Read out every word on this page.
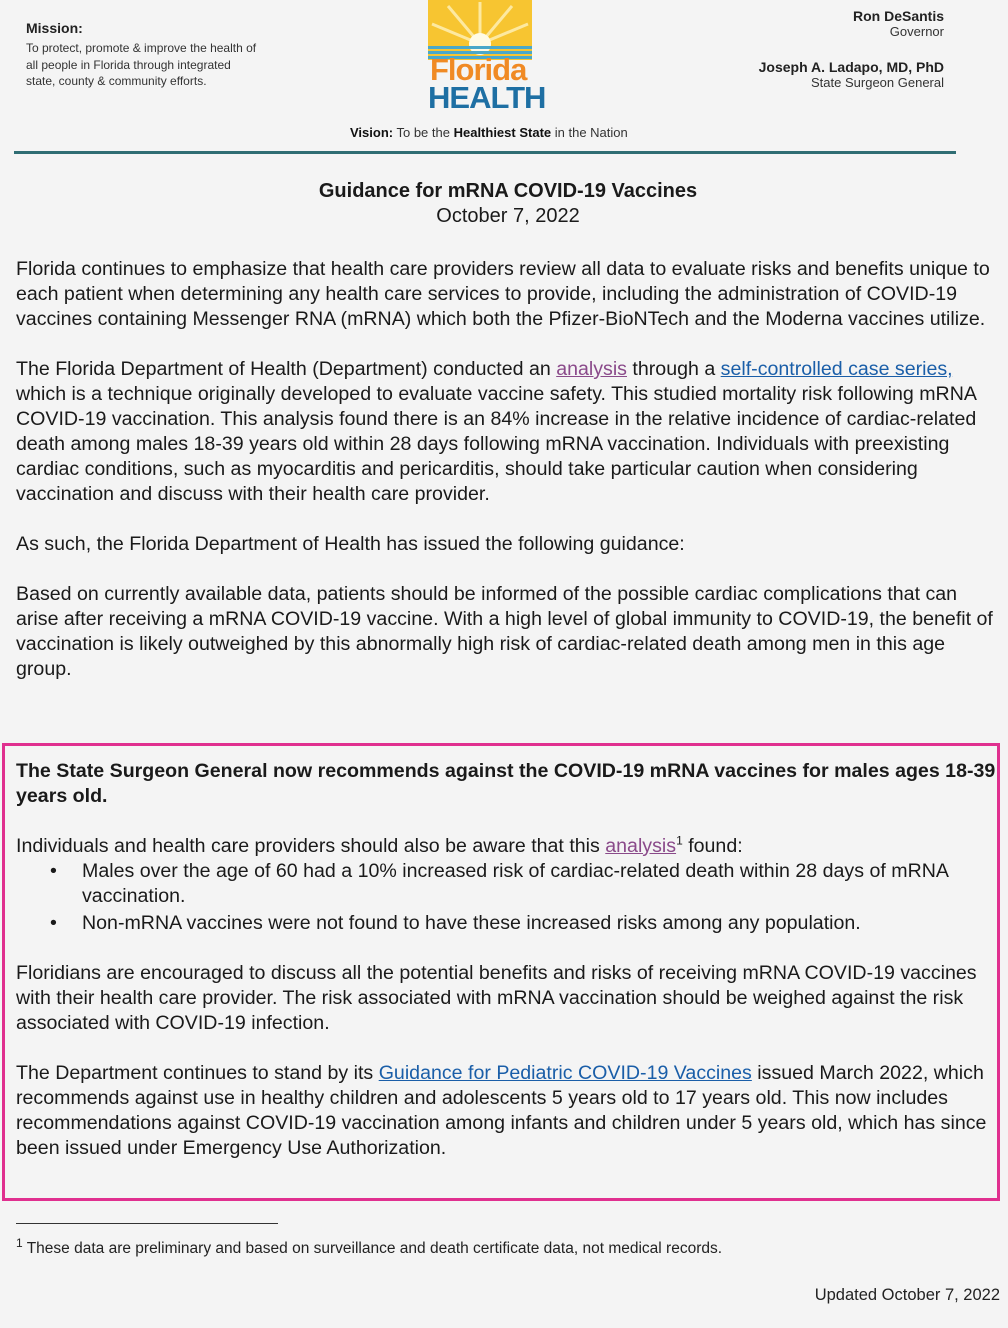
Mission:
To protect, promote & improve the health of all people in Florida through integrated state, county & community efforts.	Florida
HEALTH
Ron DeSantis
Governor
Joseph A. Ladapo, MD, PhD
State Surgeon General
Vision: To be the Healthiest State in the Nation
Guidance for mRNA COVID-19 Vaccines
October 7, 2022

Florida continues to emphasize that health care providers review all data to evaluate risks and benefits unique to each patient when determining any health care services to provide, including the administration of COVID-19 vaccines containing Messenger RNA (mRNA) which both the Pfizer-BioNTech and the Moderna vaccines utilize.

The Florida Department of Health (Department) conducted an analysis through a self-controlled case series, which is a technique originally developed to evaluate vaccine safety. This studied mortality risk following mRNA COVID-19 vaccination. This analysis found there is an 84% increase in the relative incidence of cardiac-related death among males 18-39 years old within 28 days following mRNA vaccination. Individuals with preexisting cardiac conditions, such as myocarditis and pericarditis, should take particular caution when considering vaccination and discuss with their health care provider.

As such, the Florida Department of Health has issued the following guidance:

Based on currently available data, patients should be informed of the possible cardiac complications that can arise after receiving a mRNA COVID-19 vaccine. With a high level of global immunity to COVID-19, the benefit of vaccination is likely outweighed by this abnormally high risk of cardiac-related death among men in this age group.

The State Surgeon General now recommends against the COVID-19 mRNA vaccines for males ages 18-39 years old.

Individuals and health care providers should also be aware that this analysis$^1$ found:
• Males over the age of 60 had a 10% increased risk of cardiac-related death within 28 days of mRNA vaccination.
• Non-mRNA vaccines were not found to have these increased risks among any population.

Floridians are encouraged to discuss all the potential benefits and risks of receiving mRNA COVID-19 vaccines with their health care provider. The risk associated with mRNA vaccination should be weighed against the risk associated with COVID-19 infection.

The Department continues to stand by its Guidance for Pediatric COVID-19 Vaccines issued March 2022, which recommends against use in healthy children and adolescents 5 years old to 17 years old. This now includes recommendations against COVID-19 vaccination among infants and children under 5 years old, which has since been issued under Emergency Use Authorization.

$^1$ These data are preliminary and based on surveillance and death certificate data, not medical records.
Updated October 7, 2022
